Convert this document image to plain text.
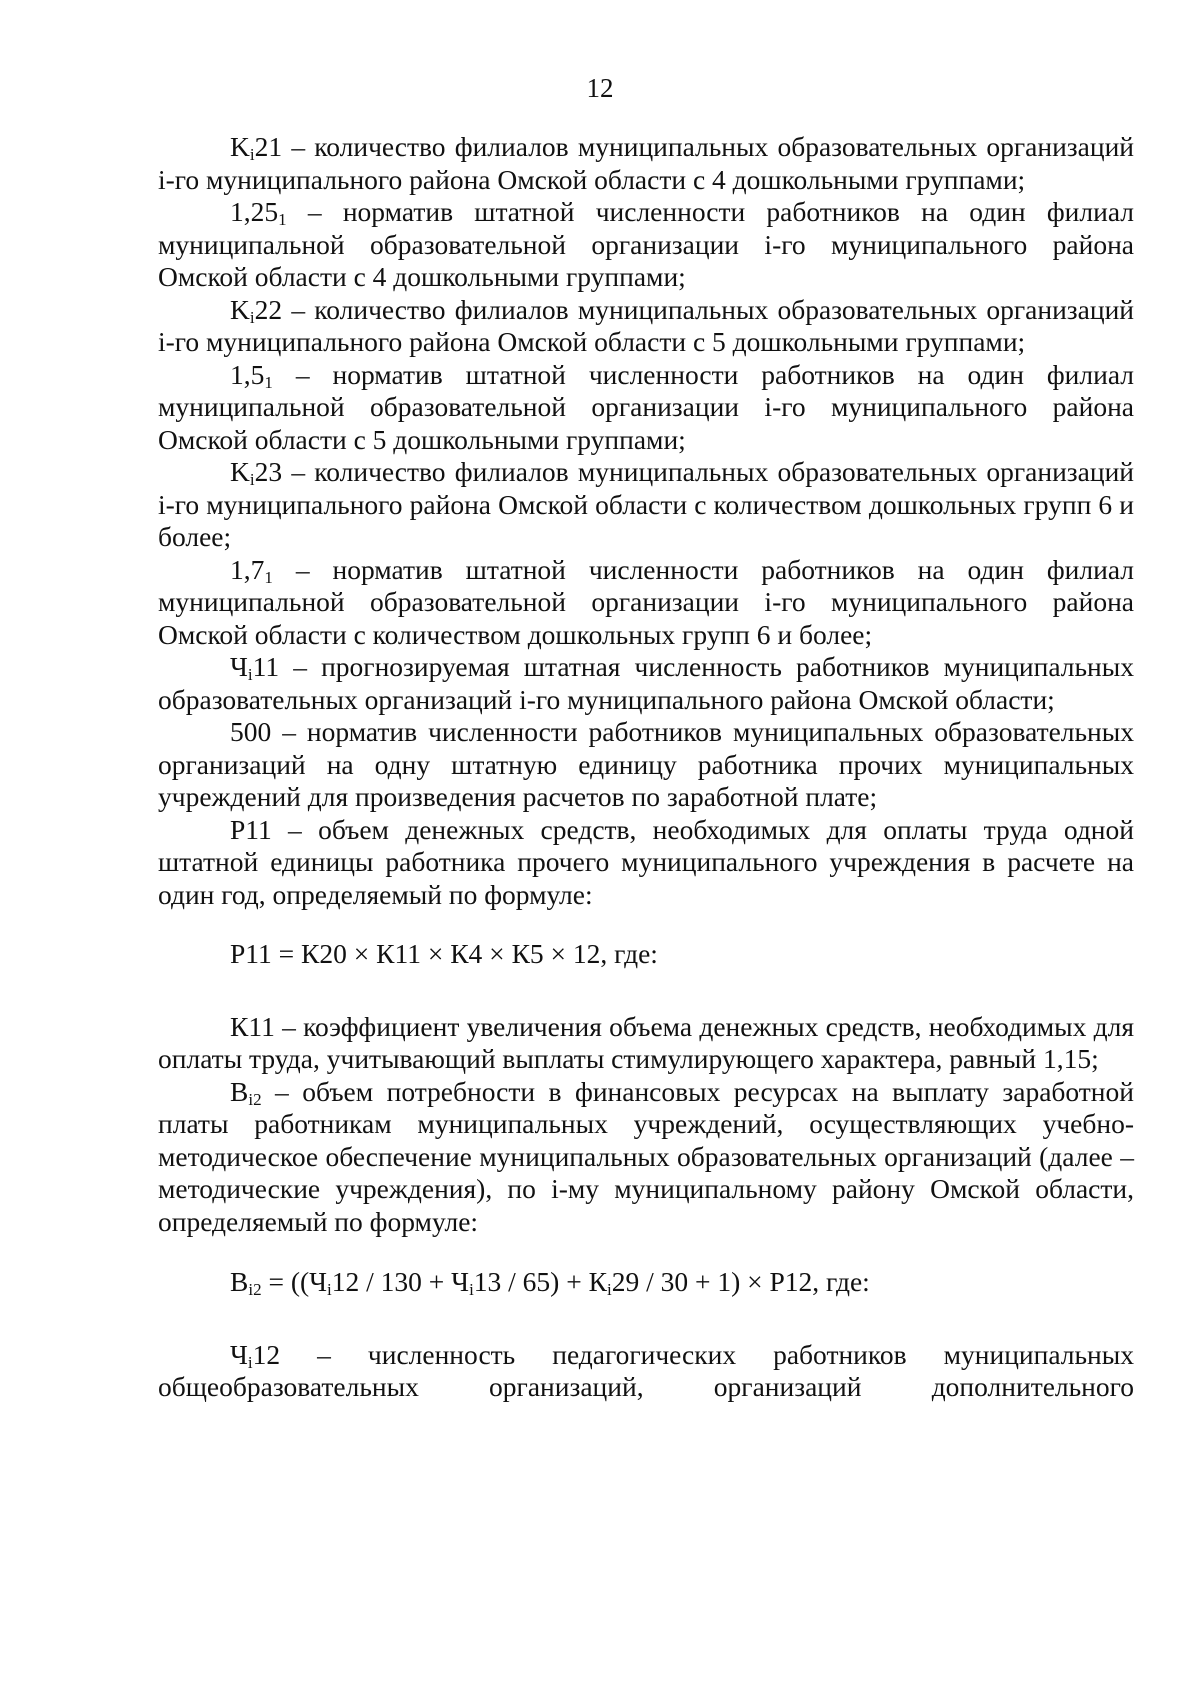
12

$K_i21$ – количество филиалов муниципальных образовательных организаций i-го муниципального района Омской области с 4 дошкольными группами;

$1,25_1$ – норматив штатной численности работников на один филиал муниципальной образовательной организации i-го муниципального района Омской области с 4 дошкольными группами;

$K_i22$ – количество филиалов муниципальных образовательных организаций i-го муниципального района Омской области с 5 дошкольными группами;

$1,5_1$ – норматив штатной численности работников на один филиал муниципальной образовательной организации i-го муниципального района Омской области с 5 дошкольными группами;

$K_i23$ – количество филиалов муниципальных образовательных организаций i-го муниципального района Омской области с количеством дошкольных групп 6 и более;

$1,7_1$ – норматив штатной численности работников на один филиал муниципальной образовательной организации i-го муниципального района Омской области с количеством дошкольных групп 6 и более;

$Ч_i11$ – прогнозируемая штатная численность работников муниципальных образовательных организаций i-го муниципального района Омской области;

500 – норматив численности работников муниципальных образовательных организаций на одну штатную единицу работника прочих муниципальных учреждений для произведения расчетов по заработной плате;

Р11 – объем денежных средств, необходимых для оплаты труда одной штатной единицы работника прочего муниципального учреждения в расчете на один год, определяемый по формуле:

Р11 = К20 × К11 × К4 × К5 × 12, где:

К11 – коэффициент увеличения объема денежных средств, необходимых для оплаты труда, учитывающий выплаты стимулирующего характера, равный 1,15;

$В_{i2}$ – объем потребности в финансовых ресурсах на выплату заработной платы работникам муниципальных учреждений, осуществляющих учебно-методическое обеспечение муниципальных образовательных организаций (далее – методические учреждения), по i-му муниципальному району Омской области, определяемый по формуле:

$В_{i2} = ((Ч_i12 / 130 + Ч_i13 / 65) + К_i29 / 30 + 1) \times Р12$, где:

$Ч_i12$ – численность педагогических работников муниципальных общеобразовательных организаций, организаций дополнительного
